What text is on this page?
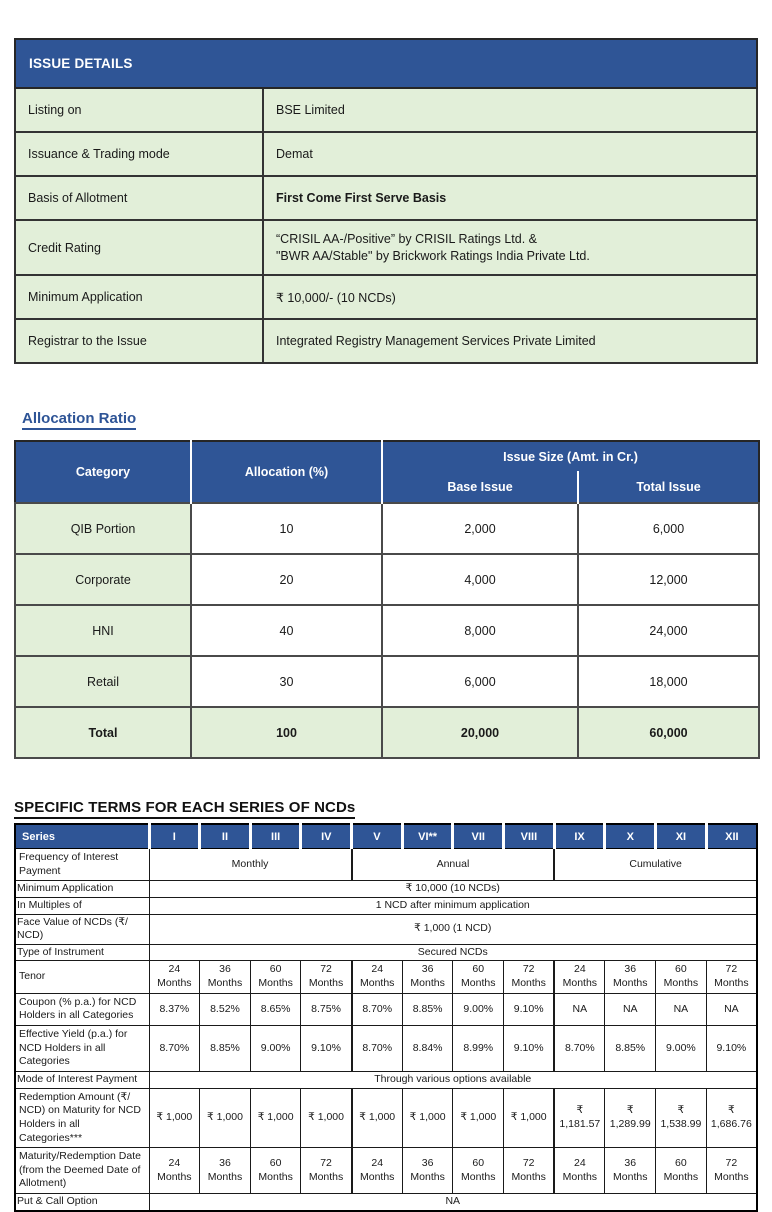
ISSUE DETAILS	
Listing on	BSE Limited

Issuance & Trading mode	Demat

Basis of Allotment	First Come First Serve Basis

Credit Rating	“CRISIL AA-/Positive” by CRISIL Ratings Ltd. &
"BWR AA/Stable" by Brickwork Ratings India Private Ltd.

Minimum Application	₹ 10,000/- (10 NCDs)

Registrar to the Issue	Integrated Registry Management Services Private Limited
Allocation Ratio
Category	Allocation (%)	Issue Size (Amt. in Cr.)	
		Base Issue	Total Issue
QIB Portion	10	2,000	6,000
Corporate	20	4,000	12,000
HNI	40	8,000	24,000
Retail	30	6,000	18,000
Total	100	20,000	60,000
SPECIFIC TERMS FOR EACH SERIES OF NCDs
Series	I	II	III	IV	V	VI**	VII	VIII	IX	X	XI	XII
Frequency of Interest Payment	Monthly				Annual				Cumulative			
Minimum Application	₹ 10,000 (10 NCDs)											
In Multiples of	1 NCD after minimum application											
Face Value of NCDs (₹/ NCD)	₹ 1,000 (1 NCD)											
Type of Instrument	Secured NCDs											
Tenor	24 Months	36 Months	60 Months	72 Months	24 Months	36 Months	60 Months	72 Months	24 Months	36 Months	60 Months	72 Months
Coupon (% p.a.) for NCD Holders in all Categories	8.37%	8.52%	8.65%	8.75%	8.70%	8.85%	9.00%	9.10%	NA	NA	NA	NA
Effective Yield (p.a.) for NCD Holders in all Categories	8.70%	8.85%	9.00%	9.10%	8.70%	8.84%	8.99%	9.10%	8.70%	8.85%	9.00%	9.10%
Mode of Interest Payment	Through various options available											
Redemption Amount (₹/ NCD) on Maturity for NCD Holders in all Categories***	₹ 1,000	₹ 1,000	₹ 1,000	₹ 1,000	₹ 1,000	₹ 1,000	₹ 1,000	₹ 1,000	₹ 1,181.57	₹ 1,289.99	₹ 1,538.99	₹ 1,686.76
Maturity/Redemption Date (from the Deemed Date of Allotment)	24 Months	36 Months	60 Months	72 Months	24 Months	36 Months	60 Months	72 Months	24 Months	36 Months	60 Months	72 Months
Put & Call Option	NA											
